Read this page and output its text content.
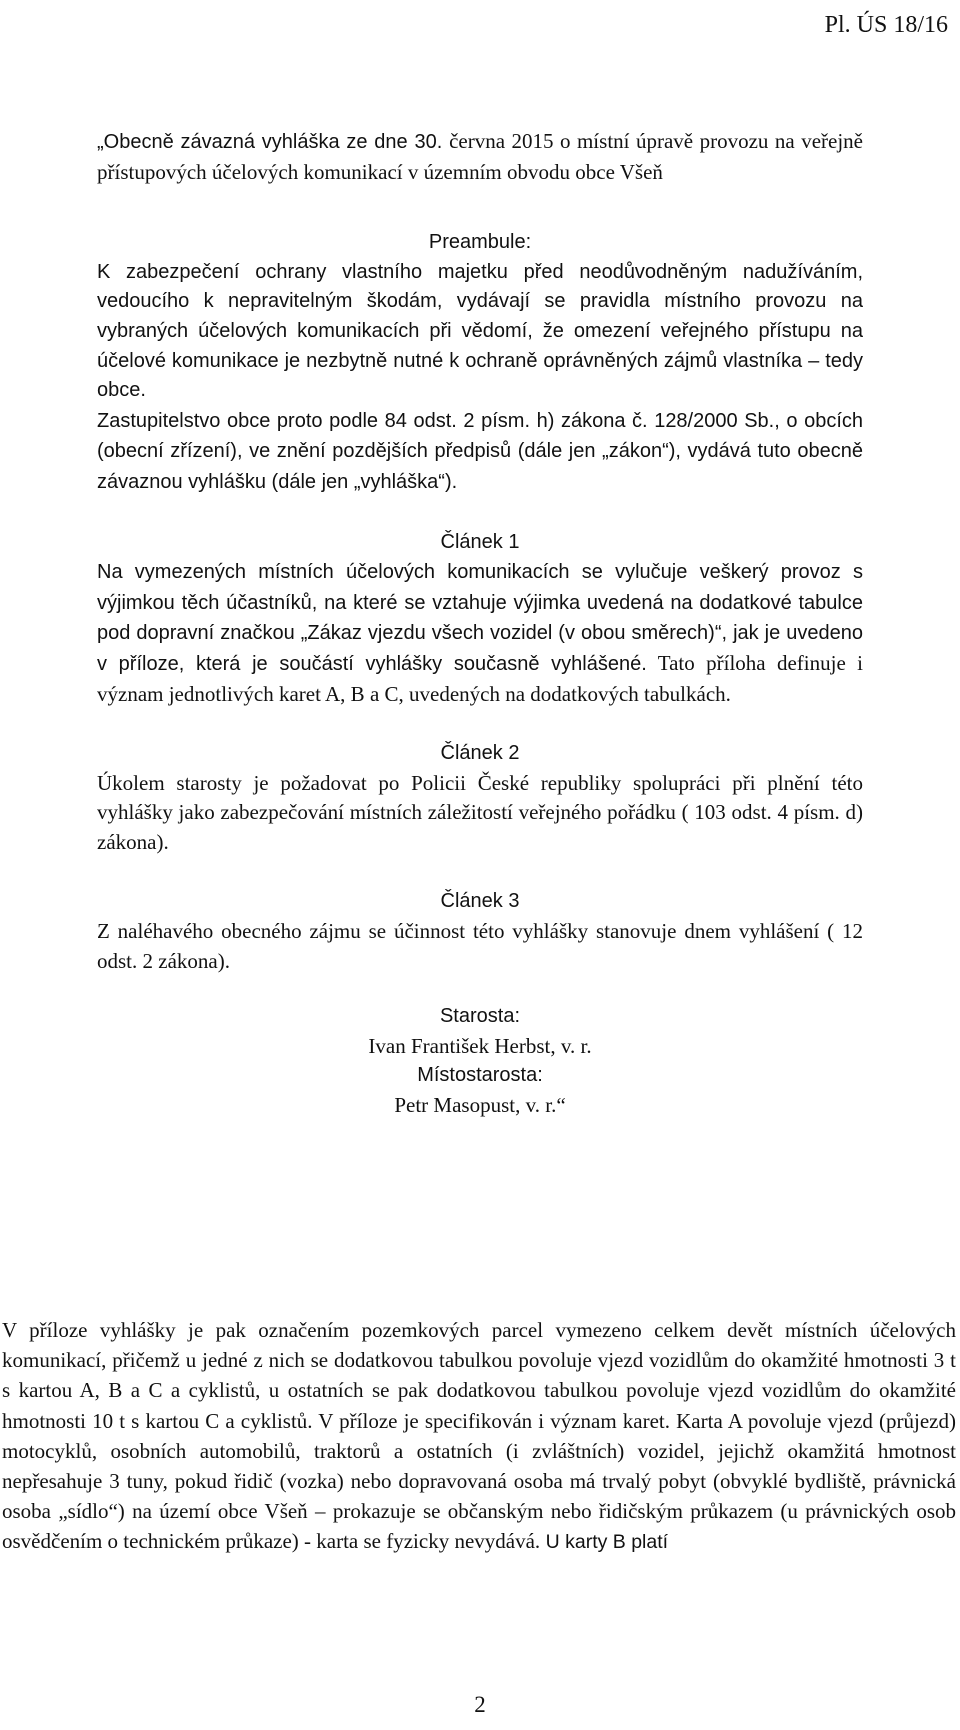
Pl. ÚS 18/16

„Obecně závazná vyhláška ze dne 30. června 2015 o místní úpravě provozu na veřejně přístupových účelových komunikací v územním obvodu obce Všeň

Preambule:

K zabezpečení ochrany vlastního majetku před neodůvodněným nadužíváním, vedoucího k nepravitelným škodám, vydávají se pravidla místního provozu na vybraných účelových komunikacích při vědomí, že omezení veřejného přístupu na účelové komunikace je nezbytně nutné k ochraně oprávněných zájmů vlastníka – tedy obce.

Zastupitelstvo obce proto podle 84 odst. 2 písm. h) zákona č. 128/2000 Sb., o obcích (obecní zřízení), ve znění pozdějších předpisů (dále jen „zákon“), vydává tuto obecně závaznou vyhlášku (dále jen „vyhláška“).

Článek 1

Na vymezených místních účelových komunikacích se vylučuje veškerý provoz s výjimkou těch účastníků, na které se vztahuje výjimka uvedená na dodatkové tabulce pod dopravní značkou „Zákaz vjezdu všech vozidel (v obou směrech)“, jak je uvedeno v příloze, která je součástí vyhlášky současně vyhlášené. Tato příloha definuje i význam jednotlivých karet A, B a C, uvedených na dodatkových tabulkách.

Článek 2

Úkolem starosty je požadovat po Policii České republiky spolupráci při plnění této vyhlášky jako zabezpečování místních záležitostí veřejného pořádku ( 103 odst. 4 písm. d) zákona).

Článek 3

Z naléhavého obecného zájmu se účinnost této vyhlášky stanovuje dnem vyhlášení ( 12 odst. 2 zákona).

Starosta:

Ivan František Herbst, v. r.

Místostarosta:

Petr Masopust, v. r.“

V příloze vyhlášky je pak označením pozemkových parcel vymezeno celkem devět místních účelových komunikací, přičemž u jedné z nich se dodatkovou tabulkou povoluje vjezd vozidlům do okamžité hmotnosti 3 t s kartou A, B a C a cyklistů, u ostatních se pak dodatkovou tabulkou povoluje vjezd vozidlům do okamžité hmotnosti 10 t s kartou C a cyklistů. V příloze je specifikován i význam karet. Karta A povoluje vjezd (průjezd) motocyklů, osobních automobilů, traktorů a ostatních (i zvláštních) vozidel, jejichž okamžitá hmotnost nepřesahuje 3 tuny, pokud řidič (vozka) nebo dopravovaná osoba má trvalý pobyt (obvyklé bydliště, právnická osoba „sídlo“) na území obce Všeň – prokazuje se občanským nebo řidičským průkazem (u právnických osob osvědčením o technickém průkaze) - karta se fyzicky nevydává. U karty B platí

2
